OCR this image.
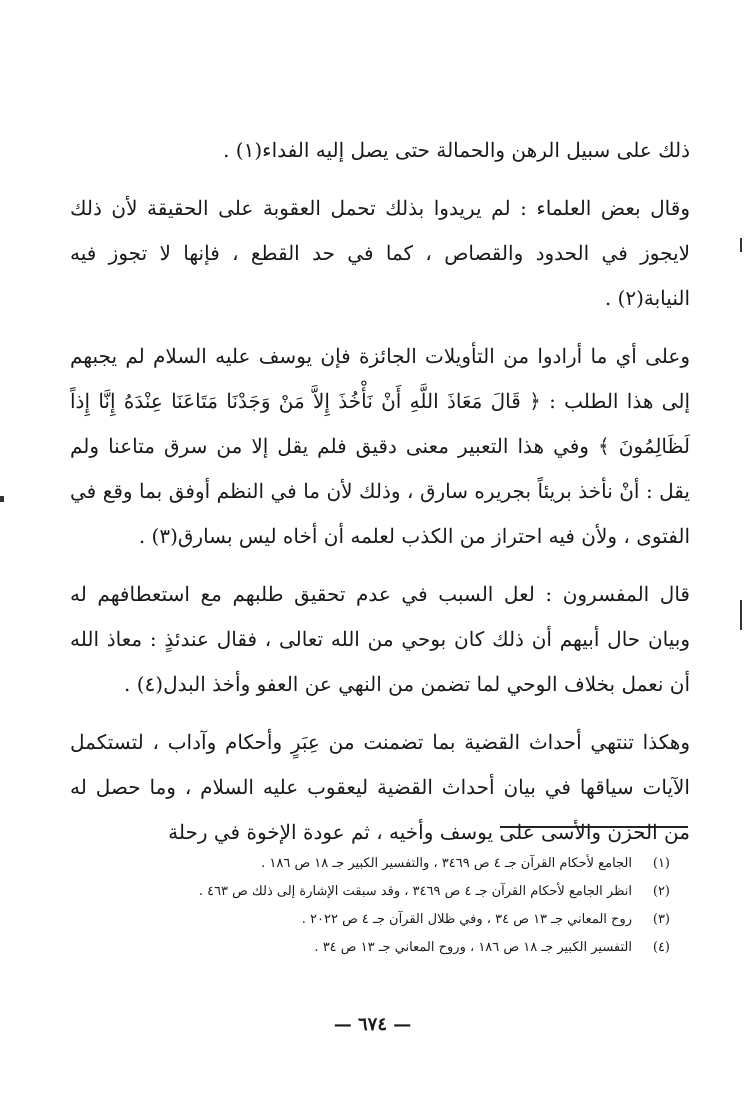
ذلك على سبيل الرهن والحمالة حتى يصل إليه الفداء(١) .

وقال بعض العلماء : لم يريدوا بذلك تحمل العقوبة على الحقيقة لأن ذلك لايجوز في الحدود والقصاص ، كما في حد القطع ، فإنها لا تجوز فيه النيابة(٢) .

وعلى أي ما أرادوا من التأويلات الجائزة فإن يوسف عليه السلام لم يجبهم إلى هذا الطلب : ﴿ قَالَ مَعَاذَ اللَّهِ أَنْ نَأْخُذَ إِلاَّ مَنْ وَجَدْنَا مَتَاعَنَا عِنْدَهُ إِنَّا إِذاً لَظَالِمُونَ ﴾ وفي هذا التعبير معنى دقيق فلم يقل إلا من سرق متاعنا ولم يقل : أنْ نأخذ بريئاً بجريره سارق ، وذلك لأن ما في النظم أوفق بما وقع في الفتوى ، ولأن فيه احتراز من الكذب لعلمه أن أخاه ليس بسارق(٣) .

قال المفسرون : لعل السبب في عدم تحقيق طلبهم مع استعطافهم له وبيان حال أبيهم أن ذلك كان بوحي من الله تعالى ، فقال عندئذٍ : معاذ الله أن نعمل بخلاف الوحي لما تضمن من النهي عن العفو وأخذ البدل(٤) .

وهكذا تنتهي أحداث القضية بما تضمنت من عِبَرٍ وأحكام وآداب ، لتستكمل الآيات سياقها في بيان أحداث القضية ليعقوب عليه السلام ، وما حصل له من الحزن والأسى على يوسف وأخيه ، ثم عودة الإخوة في رحلة

(١)الجامع لأحكام القرآن جـ ٤ ص ٣٤٦٩ ، والتفسير الكبير جـ ١٨ ص ١٨٦ .
(٢)انظر الجامع لأحكام القرآن جـ ٤ ص ٣٤٦٩ ، وقد سبقت الإشارة إلى ذلك ص ٤٦٣ .
(٣)روح المعاني جـ ١٣ ص ٣٤ ، وفي ظلال القرآن جـ ٤ ص ٢٠٢٢ .
(٤)التفسير الكبير جـ ١٨ ص ١٨٦ ، وروح المعاني جـ ١٣ ص ٣٤ .
— ٦٧٤ —
